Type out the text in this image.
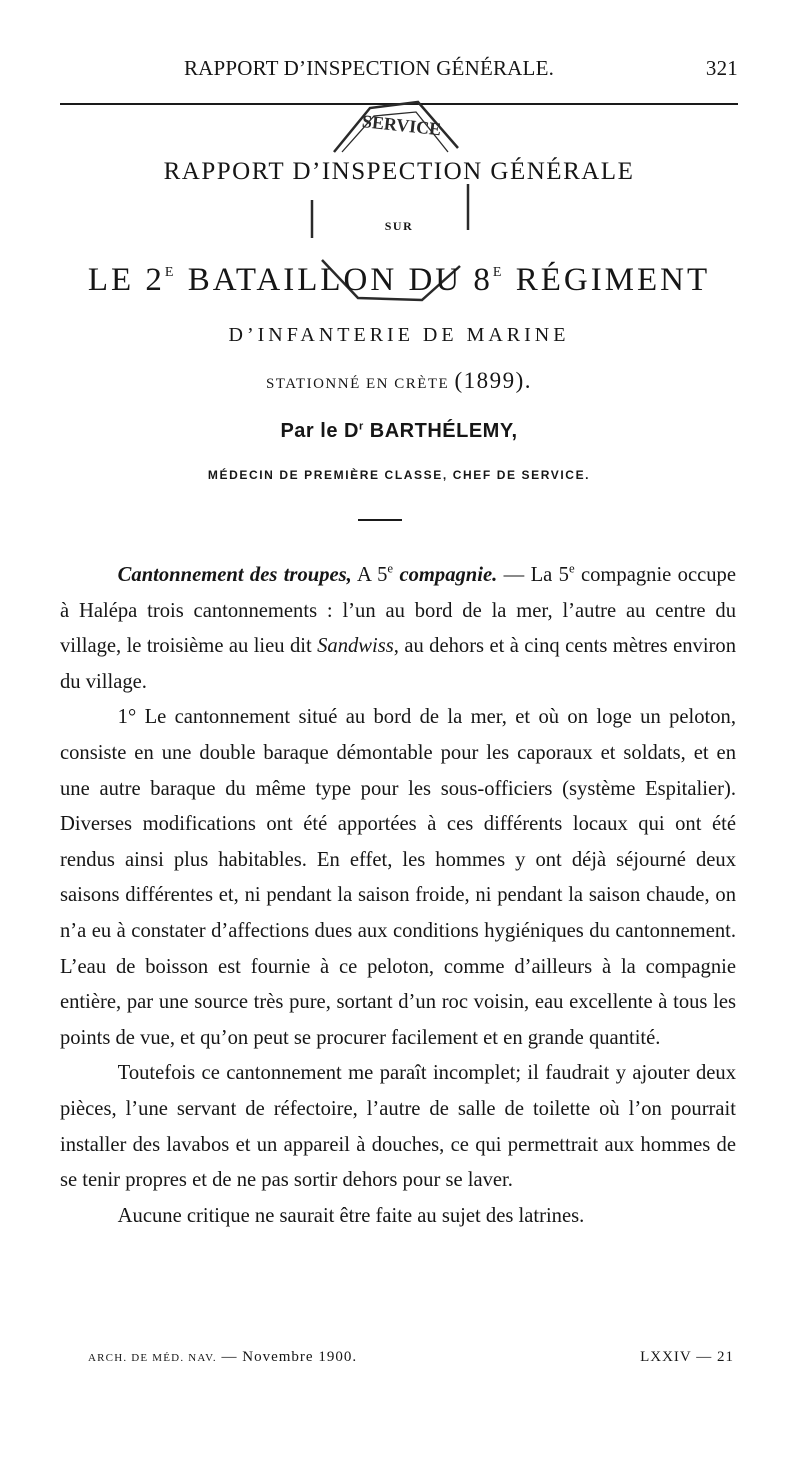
RAPPORT D’INSPECTION GÉNÉRALE.	321
SERVICE
RAPPORT D’INSPECTION GÉNÉRALE
SUR
LE $2^E$ BATAILLON DU $8^E$ RÉGIMENT
D’INFANTERIE DE MARINE
STATIONNÉ EN CRÈTE (1899).
Par le $D^r$ BARTHÉLEMY,
MÉDECIN DE PREMIÈRE CLASSE, CHEF DE SERVICE.

Cantonnement des troupes, A 5e compagnie. — La 5e compagnie occupe à Halépa trois cantonnements : l’un au bord de la mer, l’autre au centre du village, le troisième au lieu dit Sandwiss, au dehors et à cinq cents mètres environ du village.

1° Le cantonnement situé au bord de la mer, et où on loge un peloton, consiste en une double baraque démontable pour les caporaux et soldats, et en une autre baraque du même type pour les sous-officiers (système Espitalier). Diverses modifications ont été apportées à ces différents locaux qui ont été rendus ainsi plus habitables. En effet, les hommes y ont déjà séjourné deux saisons différentes et, ni pendant la saison froide, ni pendant la saison chaude, on n’a eu à constater d’affections dues aux conditions hygiéniques du cantonnement. L’eau de boisson est fournie à ce peloton, comme d’ailleurs à la compagnie entière, par une source très pure, sortant d’un roc voisin, eau excellente à tous les points de vue, et qu’on peut se procurer facilement et en grande quantité.

Toutefois ce cantonnement me paraît incomplet; il faudrait y ajouter deux pièces, l’une servant de réfectoire, l’autre de salle de toilette où l’on pourrait installer des lavabos et un appareil à douches, ce qui permettrait aux hommes de se tenir propres et de ne pas sortir dehors pour se laver.

Aucune critique ne saurait être faite au sujet des latrines.

ARCH. DE MÉD. NAV. — Novembre 1900.	LXXIV — 21
